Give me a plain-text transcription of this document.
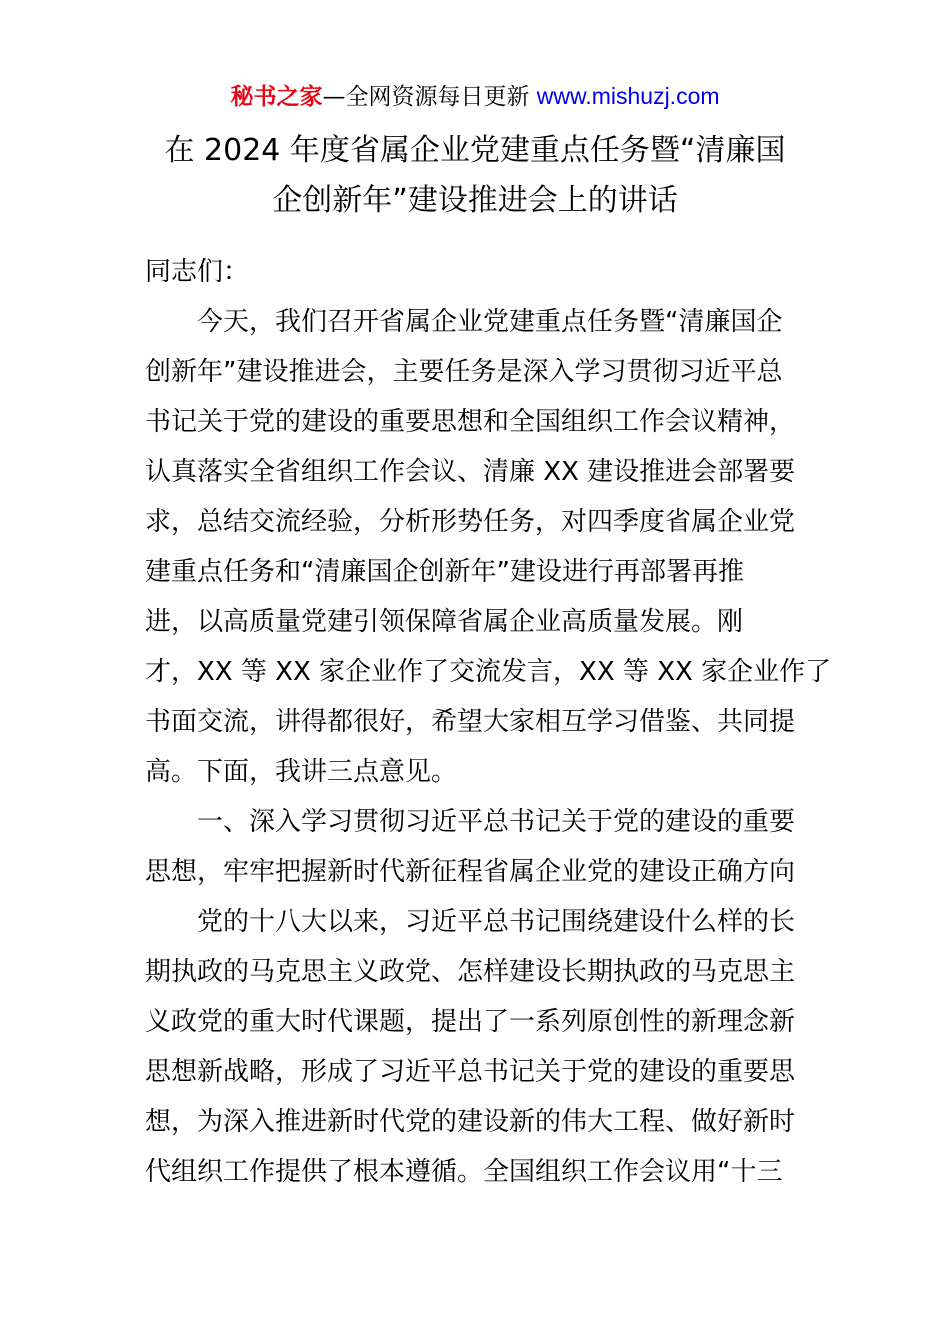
秘书之家—全网资源每日更新 www.mishuzj.com
在 2024 年度省属企业党建重点任务暨“清廉国
企创新年”建设推进会上的讲话
同志们：
今天，我们召开省属企业党建重点任务暨“清廉国企
创新年”建设推进会，主要任务是深入学习贯彻习近平总
书记关于党的建设的重要思想和全国组织工作会议精神，
认真落实全省组织工作会议、清廉 XX 建设推进会部署要
求，总结交流经验，分析形势任务，对四季度省属企业党
建重点任务和“清廉国企创新年”建设进行再部署再推
进，以高质量党建引领保障省属企业高质量发展。刚
才，XX 等 XX 家企业作了交流发言，XX 等 XX 家企业作了
书面交流，讲得都很好，希望大家相互学习借鉴、共同提
高。下面，我讲三点意见。
一、深入学习贯彻习近平总书记关于党的建设的重要
思想，牢牢把握新时代新征程省属企业党的建设正确方向
党的十八大以来，习近平总书记围绕建设什么样的长
期执政的马克思主义政党、怎样建设长期执政的马克思主
义政党的重大时代课题，提出了一系列原创性的新理念新
思想新战略，形成了习近平总书记关于党的建设的重要思
想，为深入推进新时代党的建设新的伟大工程、做好新时
代组织工作提供了根本遵循。全国组织工作会议用“十三
